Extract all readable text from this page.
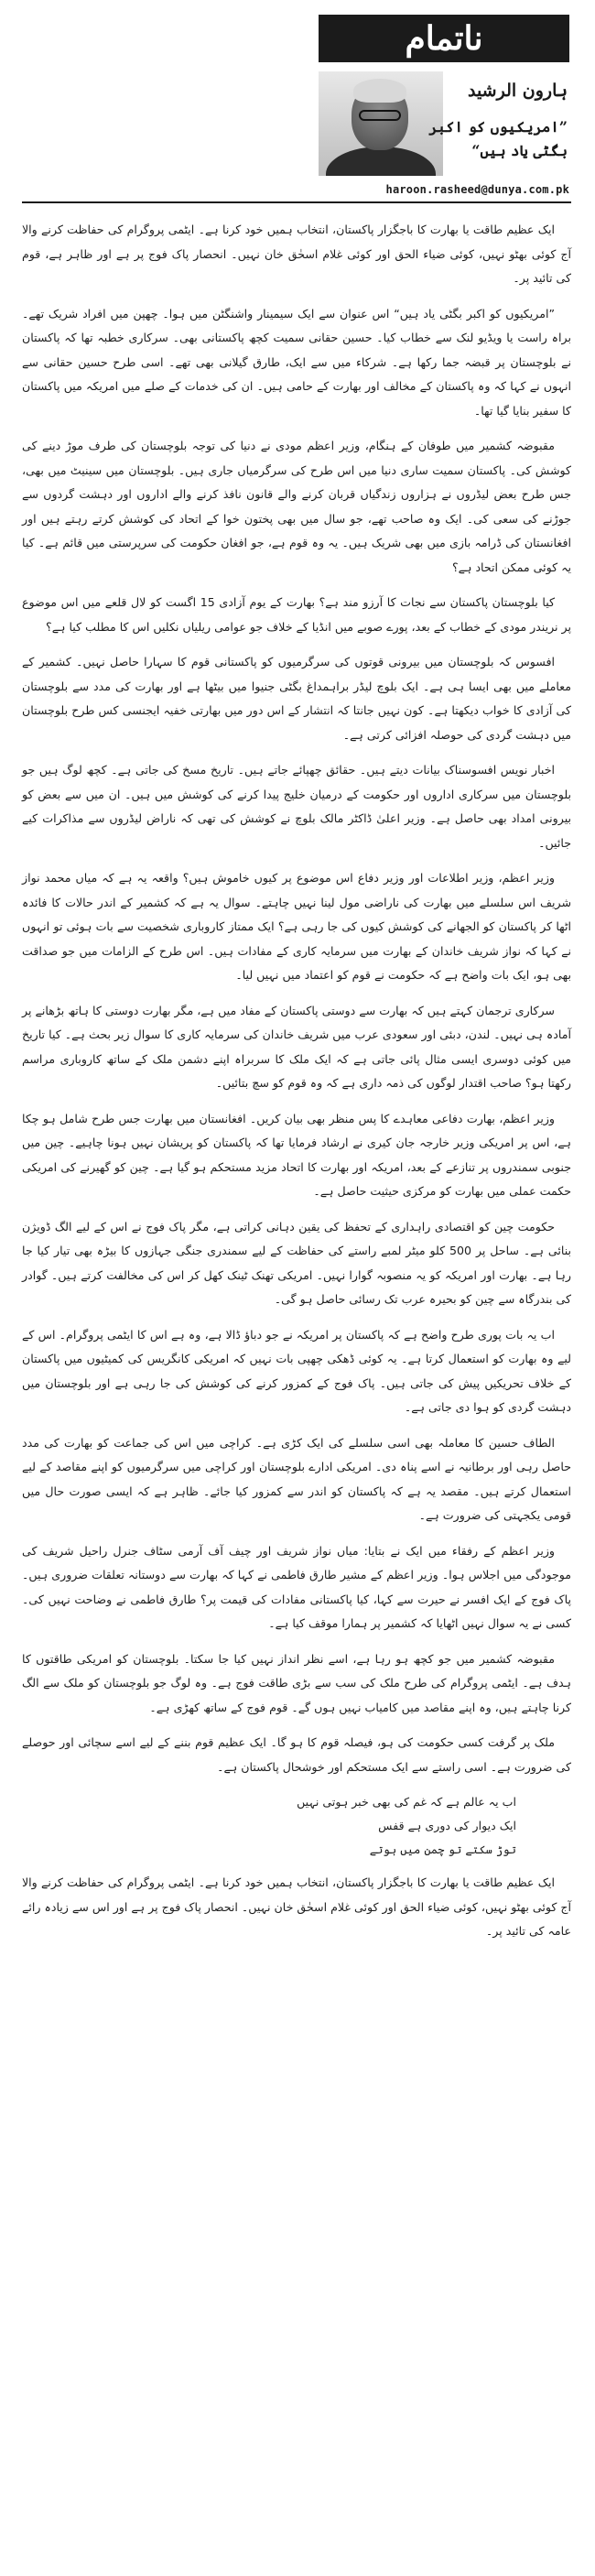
ناتمام
ہارون الرشید
”امریکیوں کو اکبر بگٹی یاد ہیں“
haroon.rasheed@dunya.com.pk

ایک عظیم طاقت یا بھارت کا باجگزار پاکستان، انتخاب ہمیں خود کرنا ہے۔ ایٹمی پروگرام کی حفاظت کرنے والا آج کوئی بھٹو نہیں، کوئی ضیاء الحق اور کوئی غلام اسحٰق خان نہیں۔ انحصار پاک فوج پر ہے اور ظاہر ہے، قوم کی تائید پر۔

”امریکیوں کو اکبر بگٹی یاد ہیں“ اس عنوان سے ایک سیمینار واشنگٹن میں ہوا۔ چھپن میں افراد شریک تھے۔ براہ راست یا ویڈیو لنک سے خطاب کیا۔ حسین حقانی سمیت کچھ پاکستانی بھی۔ سرکاری خطبہ تھا کہ پاکستان نے بلوچستان پر قبضہ جما رکھا ہے۔ شرکاء میں سے ایک، طارق گیلانی بھی تھے۔ اسی طرح حسین حقانی سے انہوں نے کہا کہ وہ پاکستان کے مخالف اور بھارت کے حامی ہیں۔ ان کی خدمات کے صلے میں امریکہ میں پاکستان کا سفیر بنایا گیا تھا۔

مقبوضہ کشمیر میں طوفان کے ہنگام، وزیر اعظم مودی نے دنیا کی توجہ بلوچستان کی طرف موڑ دینے کی کوشش کی۔ پاکستان سمیت ساری دنیا میں اس طرح کی سرگرمیاں جاری ہیں۔ بلوچستان میں سینیٹ میں بھی، جس طرح بعض لیڈروں نے ہزاروں زندگیاں قربان کرنے والے قانون نافذ کرنے والے اداروں اور دہشت گردوں سے جوڑنے کی سعی کی۔ ایک وہ صاحب تھے، جو سال میں بھی پختون خوا کے اتحاد کی کوشش کرتے رہتے ہیں اور افغانستان کی ڈرامہ بازی میں بھی شریک ہیں۔ یہ وہ قوم ہے، جو افغان حکومت کی سرپرستی میں قائم ہے۔ کیا یہ کوئی ممکن اتحاد ہے؟

کیا بلوچستان پاکستان سے نجات کا آرزو مند ہے؟ بھارت کے یوم آزادی 15 اگست کو لال قلعے میں اس موضوع پر نریندر مودی کے خطاب کے بعد، پورے صوبے میں انڈیا کے خلاف جو عوامی ریلیاں نکلیں اس کا مطلب کیا ہے؟

افسوس کہ بلوچستان میں بیرونی قوتوں کی سرگرمیوں کو پاکستانی قوم کا سہارا حاصل نہیں۔ کشمیر کے معاملے میں بھی ایسا ہی ہے۔ ایک بلوچ لیڈر براہمداغ بگٹی جنیوا میں بیٹھا ہے اور بھارت کی مدد سے بلوچستان کی آزادی کا خواب دیکھتا ہے۔ کون نہیں جانتا کہ انتشار کے اس دور میں بھارتی خفیہ ایجنسی کس طرح بلوچستان میں دہشت گردی کی حوصلہ افزائی کرتی ہے۔

اخبار نویس افسوسناک بیانات دیتے ہیں۔ حقائق چھپائے جاتے ہیں۔ تاریخ مسخ کی جاتی ہے۔ کچھ لوگ ہیں جو بلوچستان میں سرکاری اداروں اور حکومت کے درمیان خلیج پیدا کرنے کی کوشش میں ہیں۔ ان میں سے بعض کو بیرونی امداد بھی حاصل ہے۔ وزیر اعلیٰ ڈاکٹر مالک بلوچ نے کوشش کی تھی کہ ناراض لیڈروں سے مذاکرات کیے جائیں۔

وزیر اعظم، وزیر اطلاعات اور وزیر دفاع اس موضوع پر کیوں خاموش ہیں؟ واقعہ یہ ہے کہ میاں محمد نواز شریف اس سلسلے میں بھارت کی ناراضی مول لینا نہیں چاہتے۔ سوال یہ ہے کہ کشمیر کے اندر حالات کا فائدہ اٹھا کر پاکستان کو الجھانے کی کوشش کیوں کی جا رہی ہے؟ ایک ممتاز کاروباری شخصیت سے بات ہوئی تو انہوں نے کہا کہ نواز شریف خاندان کے بھارت میں سرمایہ کاری کے مفادات ہیں۔ اس طرح کے الزامات میں جو صداقت بھی ہو، ایک بات واضح ہے کہ حکومت نے قوم کو اعتماد میں نہیں لیا۔

سرکاری ترجمان کہتے ہیں کہ بھارت سے دوستی پاکستان کے مفاد میں ہے، مگر بھارت دوستی کا ہاتھ بڑھانے پر آمادہ ہی نہیں۔ لندن، دبئی اور سعودی عرب میں شریف خاندان کی سرمایہ کاری کا سوال زیر بحث ہے۔ کیا تاریخ میں کوئی دوسری ایسی مثال پائی جاتی ہے کہ ایک ملک کا سربراہ اپنے دشمن ملک کے ساتھ کاروباری مراسم رکھتا ہو؟ صاحب اقتدار لوگوں کی ذمہ داری ہے کہ وہ قوم کو سچ بتائیں۔

وزیر اعظم، بھارت دفاعی معاہدے کا پس منظر بھی بیان کریں۔ افغانستان میں بھارت جس طرح شامل ہو چکا ہے، اس پر امریکی وزیر خارجہ جان کیری نے ارشاد فرمایا تھا کہ پاکستان کو پریشان نہیں ہونا چاہیے۔ چین میں جنوبی سمندروں پر تنازعے کے بعد، امریکہ اور بھارت کا اتحاد مزید مستحکم ہو گیا ہے۔ چین کو گھیرنے کی امریکی حکمت عملی میں بھارت کو مرکزی حیثیت حاصل ہے۔

حکومت چین کو اقتصادی راہداری کے تحفظ کی یقین دہانی کراتی ہے، مگر پاک فوج نے اس کے لیے الگ ڈویژن بنائی ہے۔ ساحل پر 500 کلو میٹر لمبے راستے کی حفاظت کے لیے سمندری جنگی جہازوں کا بیڑہ بھی تیار کیا جا رہا ہے۔ بھارت اور امریکہ کو یہ منصوبہ گوارا نہیں۔ امریکی تھنک ٹینک کھل کر اس کی مخالفت کرتے ہیں۔ گوادر کی بندرگاہ سے چین کو بحیرہ عرب تک رسائی حاصل ہو گی۔

اب یہ بات پوری طرح واضح ہے کہ پاکستان پر امریکہ نے جو دباؤ ڈالا ہے، وہ ہے اس کا ایٹمی پروگرام۔ اس کے لیے وہ بھارت کو استعمال کرتا ہے۔ یہ کوئی ڈھکی چھپی بات نہیں کہ امریکی کانگریس کی کمیٹیوں میں پاکستان کے خلاف تحریکیں پیش کی جاتی ہیں۔ پاک فوج کے کمزور کرنے کی کوشش کی جا رہی ہے اور بلوچستان میں دہشت گردی کو ہوا دی جاتی ہے۔

الطاف حسین کا معاملہ بھی اسی سلسلے کی ایک کڑی ہے۔ کراچی میں اس کی جماعت کو بھارت کی مدد حاصل رہی اور برطانیہ نے اسے پناہ دی۔ امریکی ادارے بلوچستان اور کراچی میں سرگرمیوں کو اپنے مقاصد کے لیے استعمال کرتے ہیں۔ مقصد یہ ہے کہ پاکستان کو اندر سے کمزور کیا جائے۔ ظاہر ہے کہ ایسی صورت حال میں قومی یکجہتی کی ضرورت ہے۔

وزیر اعظم کے رفقاء میں ایک نے بتایا: میاں نواز شریف اور چیف آف آرمی سٹاف جنرل راحیل شریف کی موجودگی میں اجلاس ہوا۔ وزیر اعظم کے مشیر طارق فاطمی نے کہا کہ بھارت سے دوستانہ تعلقات ضروری ہیں۔ پاک فوج کے ایک افسر نے حیرت سے کہا، کیا پاکستانی مفادات کی قیمت پر؟ طارق فاطمی نے وضاحت نہیں کی۔ کسی نے یہ سوال نہیں اٹھایا کہ کشمیر پر ہمارا موقف کیا ہے۔

مقبوضہ کشمیر میں جو کچھ ہو رہا ہے، اسے نظر انداز نہیں کیا جا سکتا۔ بلوچستان کو امریکی طاقتوں کا ہدف ہے۔ ایٹمی پروگرام کی طرح ملک کی سب سے بڑی طاقت فوج ہے۔ وہ لوگ جو بلوچستان کو ملک سے الگ کرنا چاہتے ہیں، وہ اپنے مقاصد میں کامیاب نہیں ہوں گے۔ قوم فوج کے ساتھ کھڑی ہے۔

ملک پر گرفت کسی حکومت کی ہو، فیصلہ قوم کا ہو گا۔ ایک عظیم قوم بننے کے لیے اسے سچائی اور حوصلے کی ضرورت ہے۔ اسی راستے سے ایک مستحکم اور خوشحال پاکستان ہے۔

اب یہ عالم ہے کہ غم کی بھی خبر ہوتی نہیں
ایک دیوار کی دوری ہے قفس
توڑ سکتے تو چمن میں ہوتے

ایک عظیم طاقت یا بھارت کا باجگزار پاکستان، انتخاب ہمیں خود کرنا ہے۔ ایٹمی پروگرام کی حفاظت کرنے والا آج کوئی بھٹو نہیں، کوئی ضیاء الحق اور کوئی غلام اسحٰق خان نہیں۔ انحصار پاک فوج پر ہے اور اس سے زیادہ رائے عامہ کی تائید پر۔
